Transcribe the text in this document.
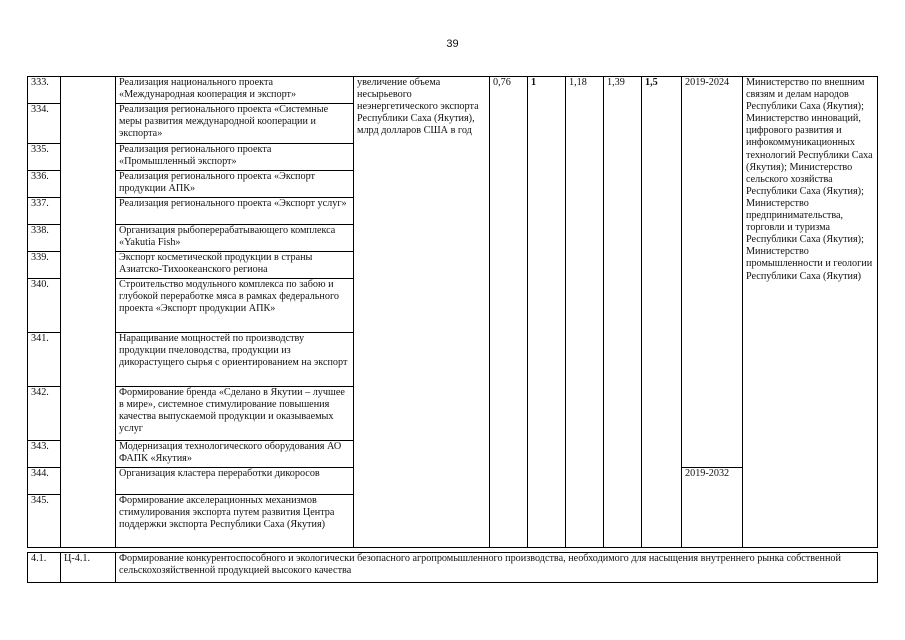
39
333.		Реализация национального проекта «Международная кооперация и экспорт»	увеличение объема несырьевого неэнергетического экспорта Республики Саха (Якутия), млрд долларов США в год	0,76	1	1,18	1,39	1,5	2019-2024	Министерство по внешним связям и делам народов Республики Саха (Якутия); Министерство инноваций, цифрового развития и инфокоммуникационных технологий Республики Саха (Якутия); Министерство сельского хозяйства Республики Саха (Якутия); Министерство предпринимательства, торговли и туризма Республики Саха (Якутия); Министерство промышленности и геологии Республики Саха (Якутия)
334.		Реализация регионального проекта «Системные меры развития международной кооперации и экспорта»								
335.		Реализация регионального проекта «Промышленный экспорт»								
336.		Реализация регионального проекта «Экспорт продукции АПК»								
337.		Реализация регионального проекта «Экспорт услуг»								
338.		Организация рыбоперерабатывающего комплекса «Yakutia Fish»								
339.		Экспорт косметической продукции в страны Азиатско-Тихоокеанского региона								
340.		Строительство модульного комплекса по забою и глубокой переработке мяса в рамках федерального проекта «Экспорт продукции АПК»								
341.		Наращивание мощностей по производству продукции пчеловодства, продукции из дикорастущего сырья с ориентированием на экспорт								
342.		Формирование бренда «Сделано в Якутии – лучшее в мире», системное стимулирование повышения качества выпускаемой продукции и оказываемых услуг								
343.		Модернизация технологического оборудования АО ФАПК «Якутия»								
344.		Организация кластера переработки дикоросов							2019-2032	
345.		Формирование акселерационных механизмов стимулирования экспорта путем развития Центра поддержки экспорта Республики Саха (Якутия)								

4.1.	Ц-4.1.	Формирование конкурентоспособного и экологически безопасного агропромышленного производства, необходимого для насыщения внутреннего рынка собственной сельскохозяйственной продукцией высокого качества								
